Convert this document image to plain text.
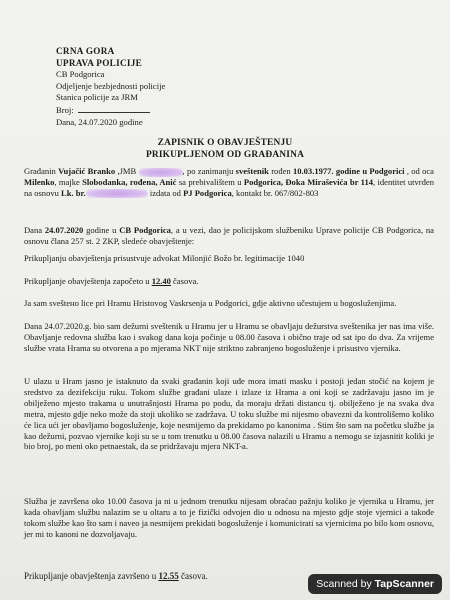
CRNA GORA
UPRAVA POLICIJE
CB Podgorica
Odjeljenje bezbjednosti policije
Stanica policije za JRM
Broj:
Dana, 24.07.2020 godine
ZAPISNIK O OBAVJEŠTENJU
PRIKUPLJENOM OD GRAĐANINA
Građanin Vujačić Branko ,JMB	, po zanimanju sveštenik rođen 10.03.1977. godine u Podgorici , od oca Milenko, majke Slobodanka, rođena, Anić sa prebivalištem u Podgorica, Đoka Miraševića br 114, identitet utvrđen na osnovu Lk. br.	izdata od PJ Podgorica, kontakt br. 067/802-803
Dana 24.07.2020 godine u CB Podgorica, a u vezi, dao je policijskom službeniku Uprave policije CB Podgorica, na osnovu člana 257 st. 2 ZKP, sledeće obavještenje:
Prikupljanju obavještenja prisustvuje advokat Milonjić Božo br. legitimacije 1040
Prikupljanje obavještenja započeto u 12.40 časova.
Ja sam sveštено lice pri Hramu Hristovog Vaskrsenja u Podgorici, gdje aktivno učestujem u bogosluženjima.
Dana 24.07.2020.g. bio sam dežurni sveštenik u Hramu jer u Hramu se obavljaju dežurstva sveštenika jer nas ima više. Obavljanje redovna služba kao i svakog dana koja počinje u 08.00 časova i obično traje od sat ipo do dva. Za vrijeme službe vrata Hrama su otvorena a po mjerama NKT nije striktno zabranjeno bogosluženje i prisustvo vjernika.
U ulazu u Hram jasno je istaknuto da svaki građanin koji uđe mora imati masku i postoji jedan stočić na kojem je sredstvo za dezifekciju ruku. Tokom službe građani ulaze i izlaze iz Hrama a oni koji se zadržavaju jasno im je obilježeno mjesto trakama u unutrašnjosti Hrama po podu, da moraju držati distancu tj. obilježeno je na svaka dva metra, mjesto gdje neko može da stoji ukoliko se zadržava. U toku službe mi nijesmo obavezni da kontrolišemo koliko će lica ući jer obavljamo bogosluženje, koje nesmijemo da prekidamo po kanonima . Stim što sam na početku službe ja kao dežurni, pozvao vjernike koji su se u tom trenutku u 08.00 časova nalazili u Hramu a nemogu se izjasnitit koliki je bio broj, po meni oko petnaestak, da se pridržavaju mjera NKT-a.
Služba je završena oko 10.00 časova ja ni u jednom trenutku nijesam obraćao pažnju koliko je vjernika u Hramu, jer kada obavljam službu nalazim se u oltaru a to je fizički odvojen dio u odnosu na mjesto gdje stoje vjernici a takođe tokom službe kao što sam i naveo ja nesmijem prekidati bogosluženje i komunicirati sa vjernicima po bilo kom osnovu, jer mi to kanoni ne dozvoljavaju.
Prikupljanje obavještenja završeno u 12.55 časova.
Scanned by TapScanner
